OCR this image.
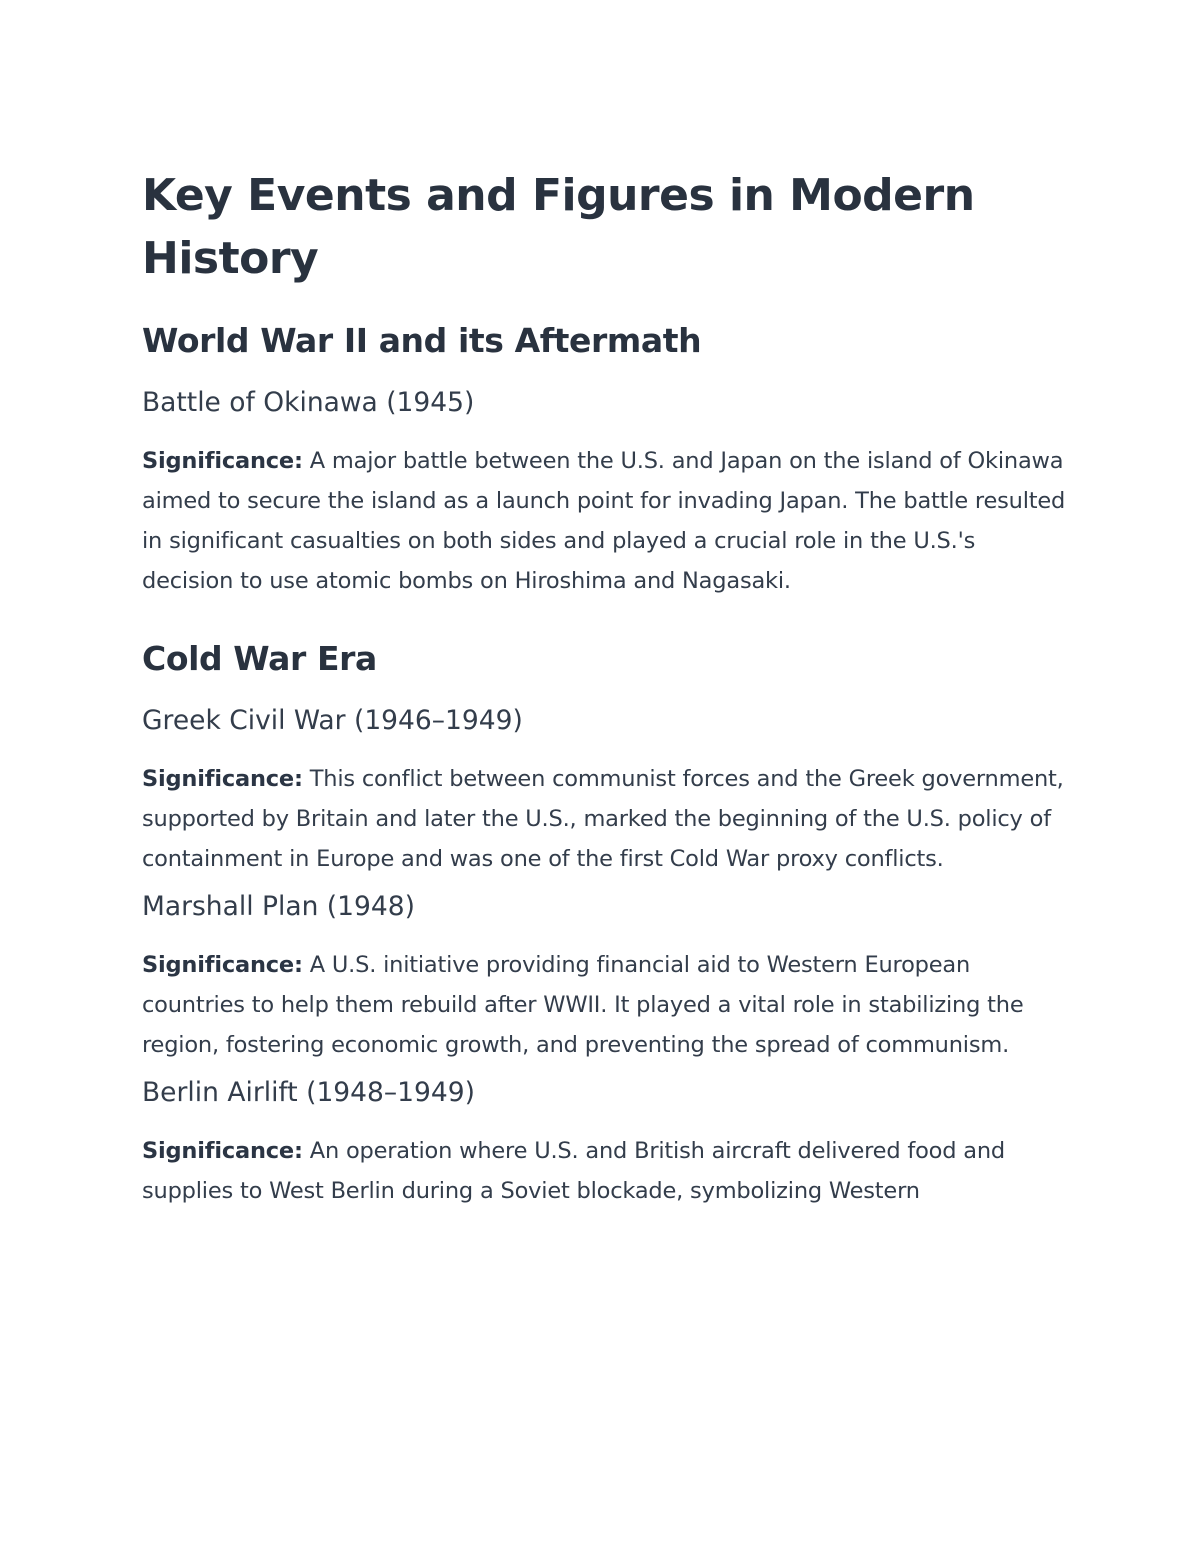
Key Events and Figures in Modern History
World War II and its Aftermath
Battle of Okinawa (1945)

Significance: A major battle between the U.S. and Japan on the island of Okinawa aimed to secure the island as a launch point for invading Japan. The battle resulted in significant casualties on both sides and played a crucial role in the U.S.'s decision to use atomic bombs on Hiroshima and Nagasaki.

Cold War Era
Greek Civil War (1946–1949)

Significance: This conflict between communist forces and the Greek government, supported by Britain and later the U.S., marked the beginning of the U.S. policy of containment in Europe and was one of the first Cold War proxy conflicts.

Marshall Plan (1948)

Significance: A U.S. initiative providing financial aid to Western European countries to help them rebuild after WWII. It played a vital role in stabilizing the region, fostering economic growth, and preventing the spread of communism.

Berlin Airlift (1948–1949)

Significance: An operation where U.S. and British aircraft delivered food and supplies to West Berlin during a Soviet blockade, symbolizing Western
